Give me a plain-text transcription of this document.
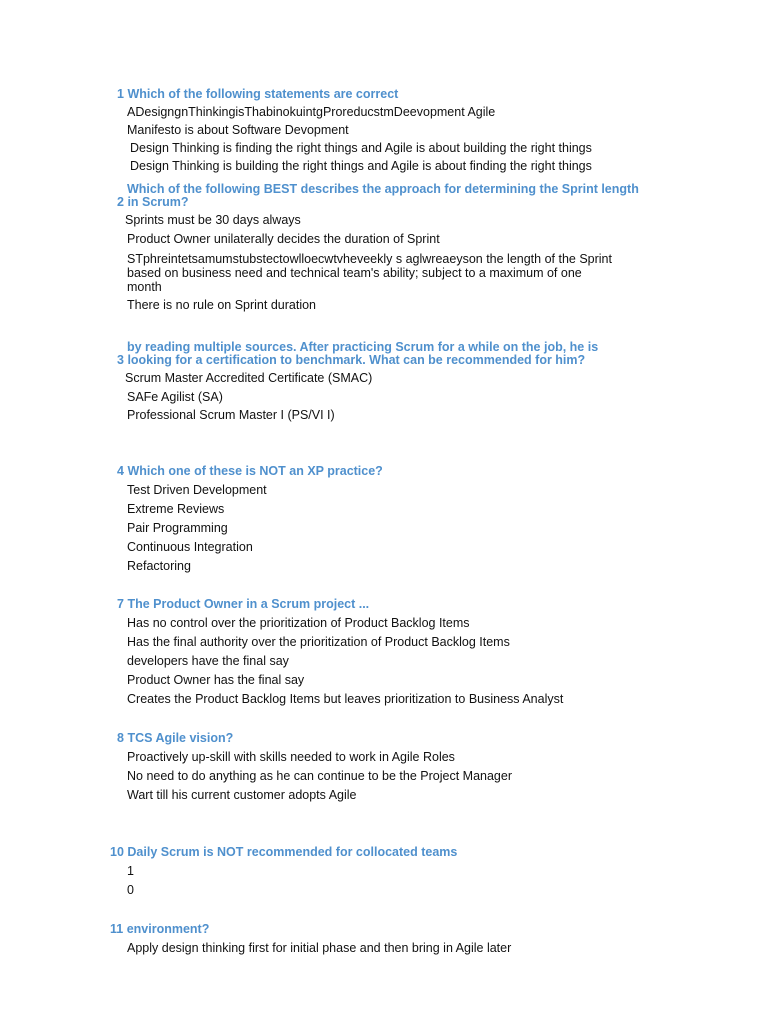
1 Which of the following statements are correct
ADesigngnThinkingisThabinokuintgProreducstmDeevopment Agile
Manifesto is about Software Devopment
Design Thinking is finding the right things and Agile is about building the right things
Design Thinking is building the right things and Agile is about finding the right things
Which of the following BEST describes the approach for determining the Sprint length
2 in Scrum?
Sprints must be 30 days always
Product Owner unilaterally decides the duration of Sprint
STphreintetsamumstubstectowlloecwtvheveekly s aglwreaeyson the length of the Sprint
based on business need and technical team's ability; subject to a maximum of one
month
There is no rule on Sprint duration
by reading multiple sources. After practicing Scrum for a while on the job, he is
3 looking for a certification to benchmark. What can be recommended for him?
Scrum Master Accredited Certificate (SMAC)
SAFe Agilist (SA)
Professional Scrum Master I (PS/VI I)
4 Which one of these is NOT an XP practice?
Test Driven Development
Extreme Reviews
Pair Programming
Continuous Integration
Refactoring
7 The Product Owner in a Scrum project ...
Has no control over the prioritization of Product Backlog Items
Has the final authority over the prioritization of Product Backlog Items
developers have the final say
Product Owner has the final say
Creates the Product Backlog Items but leaves prioritization to Business Analyst
8 TCS Agile vision?
Proactively up-skill with skills needed to work in Agile Roles
No need to do anything as he can continue to be the Project Manager
Wart till his current customer adopts Agile
10 Daily Scrum is NOT recommended for collocated teams
1
0
11 environment?
Apply design thinking first for initial phase and then bring in Agile later
